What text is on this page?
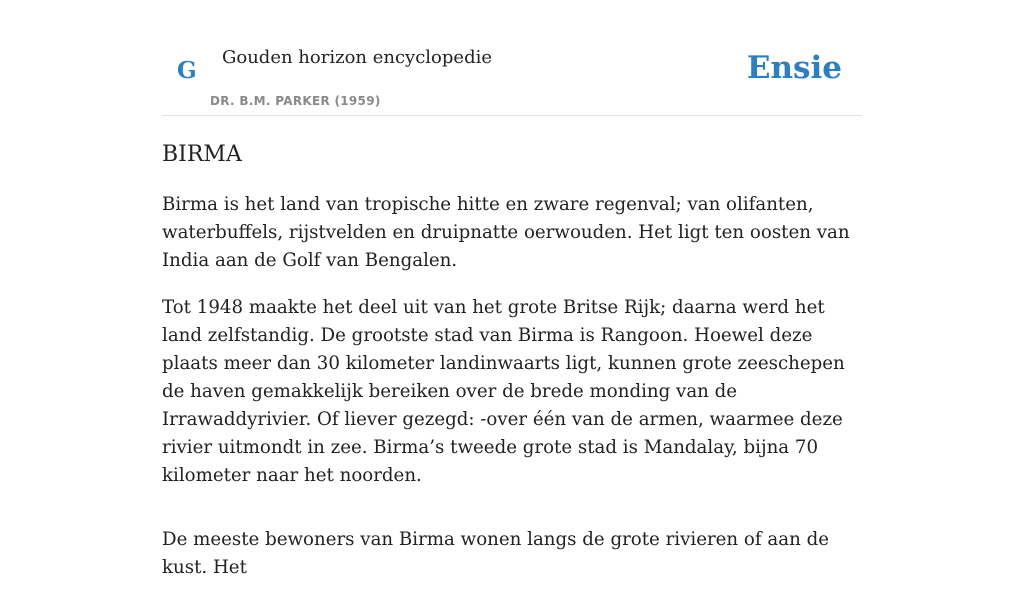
G Gouden horizon encyclopedie
DR. B.M. PARKER (1959)
Ensie
BIRMA

Birma is het land van tropische hitte en zware regenval; van olifanten, waterbuffels, rijstvelden en druipnatte oerwouden. Het ligt ten oosten van India aan de Golf van Bengalen.

Tot 1948 maakte het deel uit van het grote Britse Rijk; daarna werd het land zelfstandig. De grootste stad van Birma is Rangoon. Hoewel deze plaats meer dan 30 kilometer landinwaarts ligt, kunnen grote zeeschepen de haven gemakkelijk bereiken over de brede monding van de Irrawaddyrivier. Of liever gezegd: -over één van de armen, waarmee deze rivier uitmondt in zee. Birma’s tweede grote stad is Mandalay, bijna 70 kilometer naar het noorden.

De meeste bewoners van Birma wonen langs de grote rivieren of aan de kust. Het
